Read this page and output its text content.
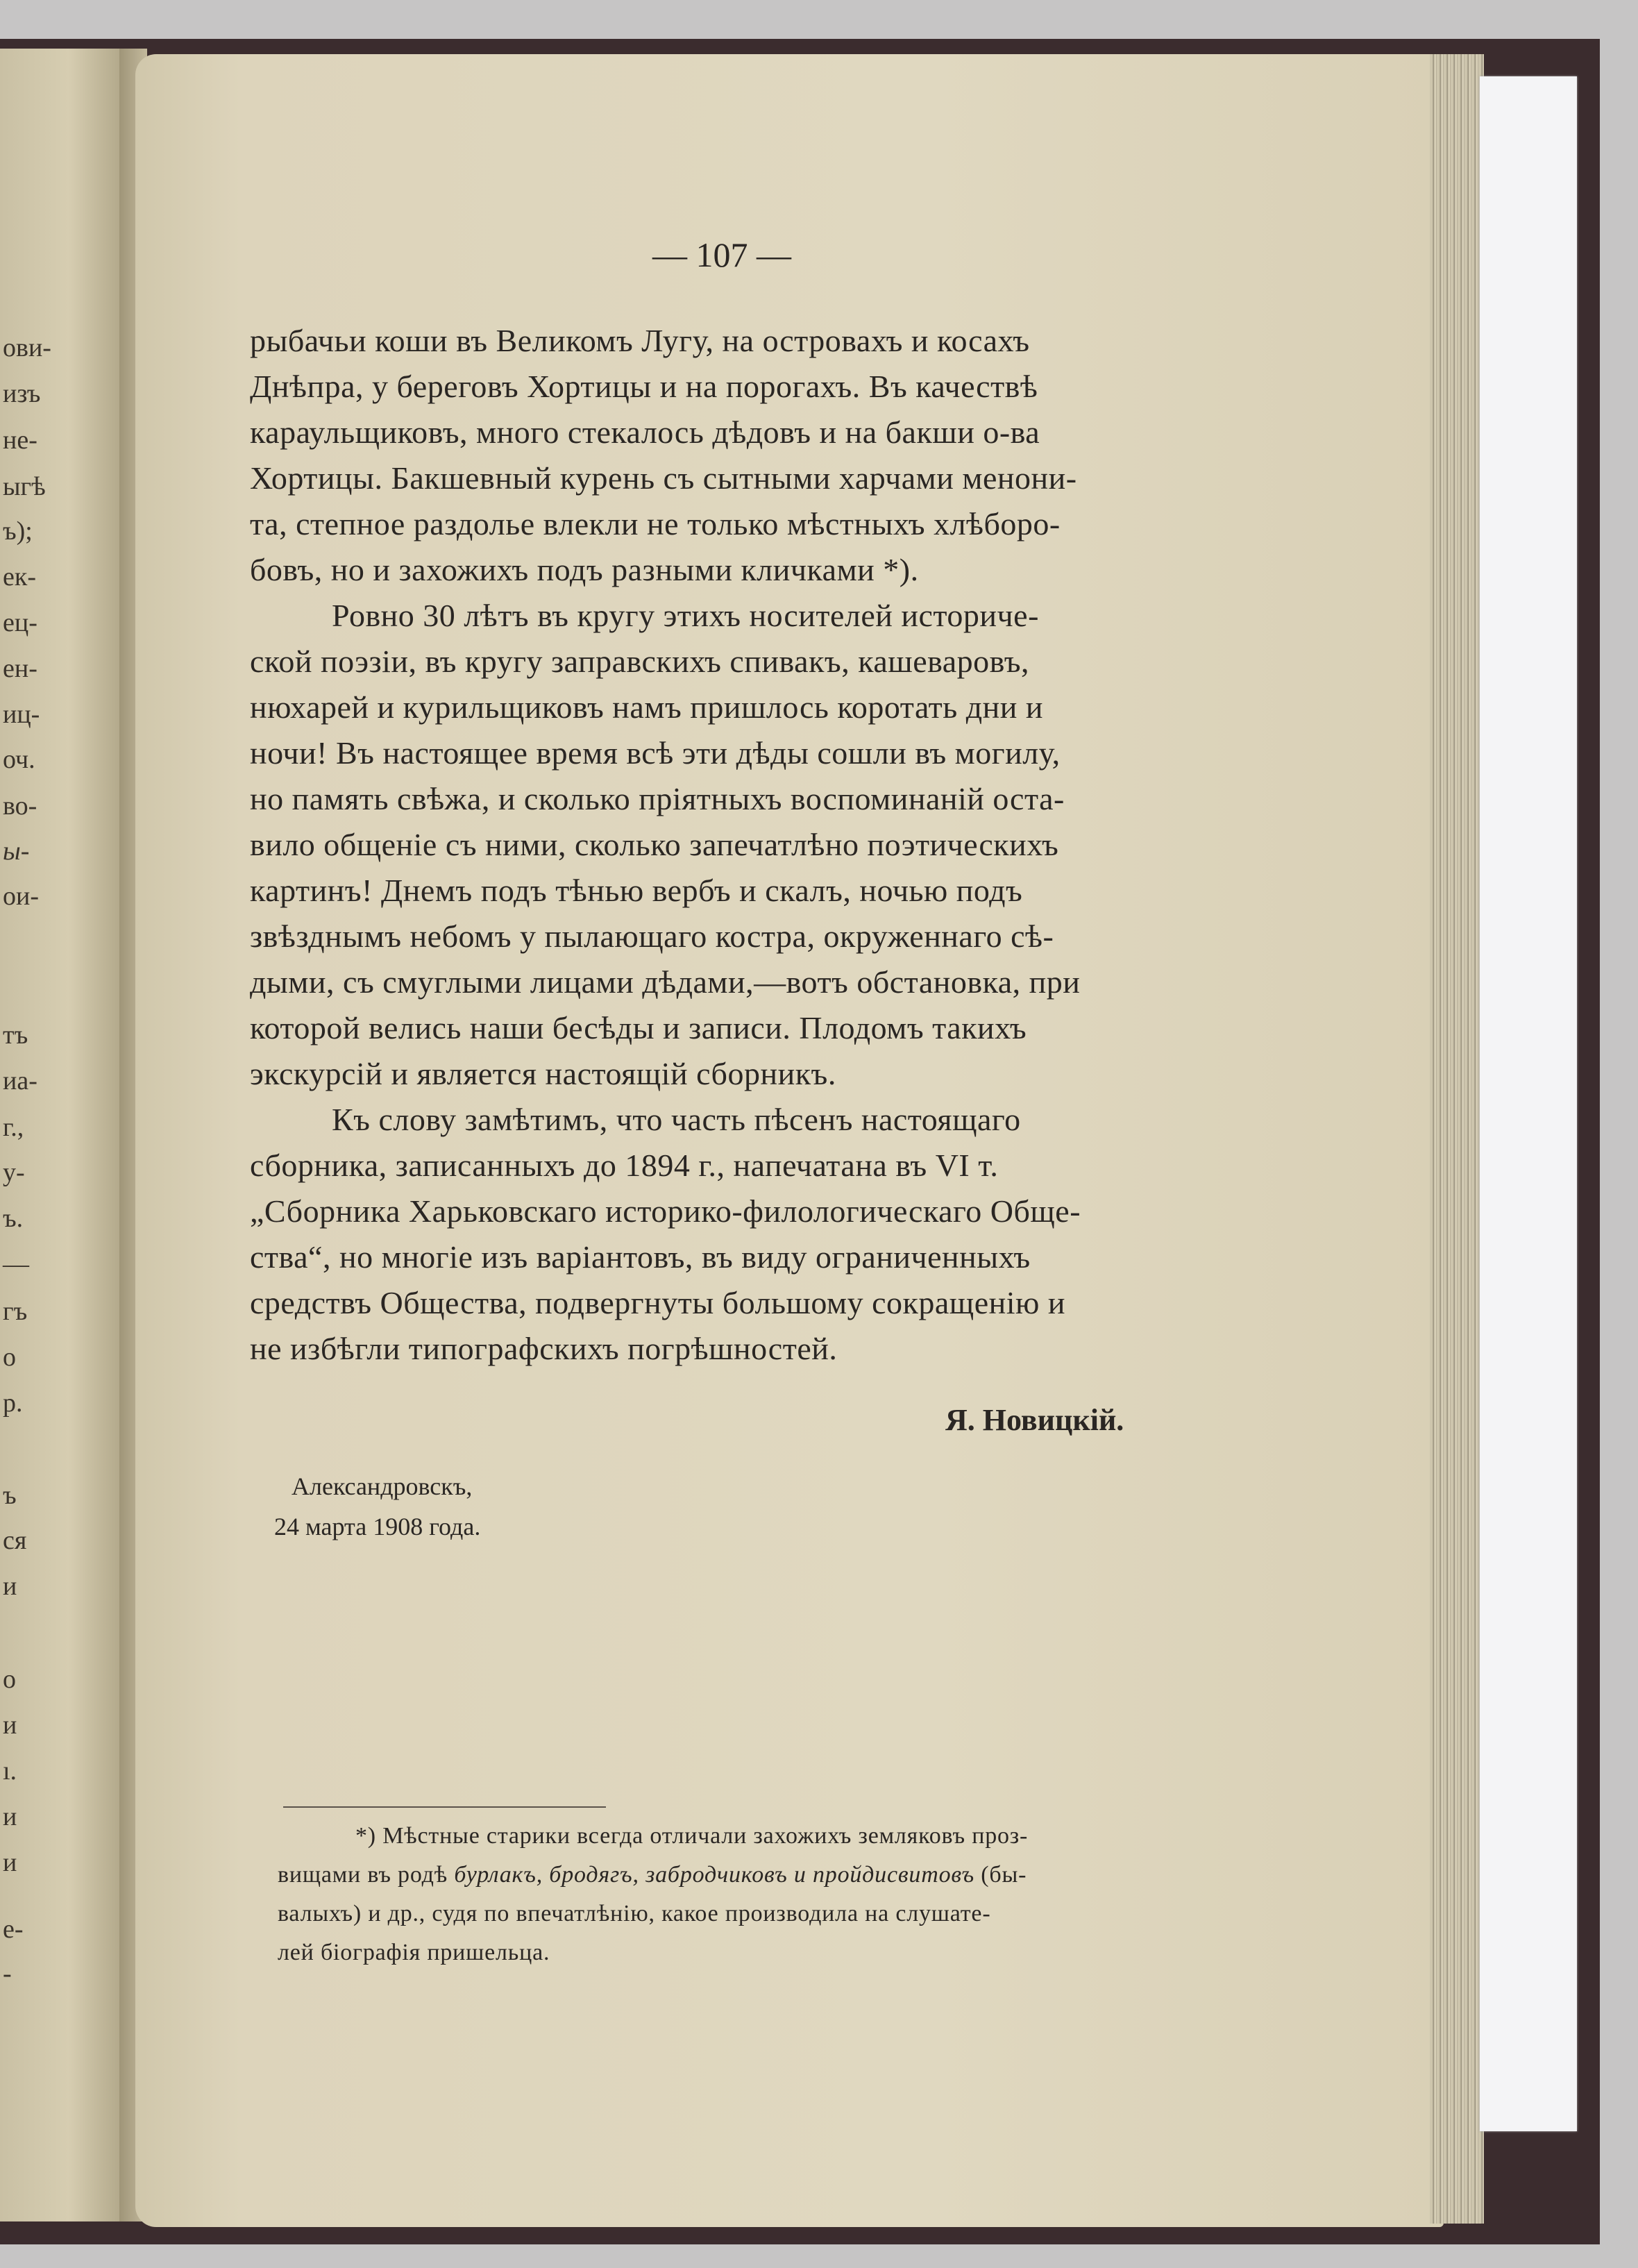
ови-
изъ
не-
ыгѣ
ъ);
ек-
ец-
ен-
иц-
оч.
во-
ы-
ои-
тъ
иа-
г.,
у-
ъ.
—
гъ
о
р.
ъ
ся
и
о
и
ı.
и
и
е-
-
— 107 —
рыбачьи коши въ Великомъ Лугу, на островахъ и косахъ
Днѣпра, у береговъ Хортицы и на порогахъ. Въ качествѣ
караульщиковъ, много стекалось дѣдовъ и на бакши о-ва
Хортицы. Бакшевный курень съ сытными харчами менони-
та, степное раздолье влекли не только мѣстныхъ хлѣборо-
бовъ, но и захожихъ подъ разными кличками *).
Ровно 30 лѣтъ въ кругу этихъ носителей историче-
ской поэзіи, въ кругу заправскихъ спивакъ, кашеваровъ,
нюхарей и курильщиковъ намъ пришлось коротать дни и
ночи! Въ настоящее время всѣ эти дѣды сошли въ могилу,
но память свѣжа, и сколько пріятныхъ воспоминаній оста-
вило общеніе съ ними, сколько запечатлѣно поэтическихъ
картинъ! Днемъ подъ тѣнью вербъ и скалъ, ночью подъ
звѣзднымъ небомъ у пылающаго костра, окруженнаго сѣ-
дыми, съ смуглыми лицами дѣдами,—вотъ обстановка, при
которой велись наши бесѣды и записи. Плодомъ такихъ
экскурсій и является настоящій сборникъ.
Къ слову замѣтимъ, что часть пѣсенъ настоящаго
сборника, записанныхъ до 1894 г., напечатана въ VI т.
„Сборника Харьковскаго историко-филологическаго Обще-
ства“, но многіе изъ варіантовъ, въ виду ограниченныхъ
средствъ Общества, подвергнуты большому сокращенію и
не избѣгли типографскихъ погрѣшностей.
Я. Новицкій.
Александровскъ,
24 марта 1908 года.
*) Мѣстные старики всегда отличали захожихъ земляковъ проз-
вищами въ родѣ бурлакъ, бродягъ, забродчиковъ и пройдисвитовъ (бы-
валыхъ) и др., судя по впечатлѣнію, какое производила на слушате-
лей біографія пришельца.
